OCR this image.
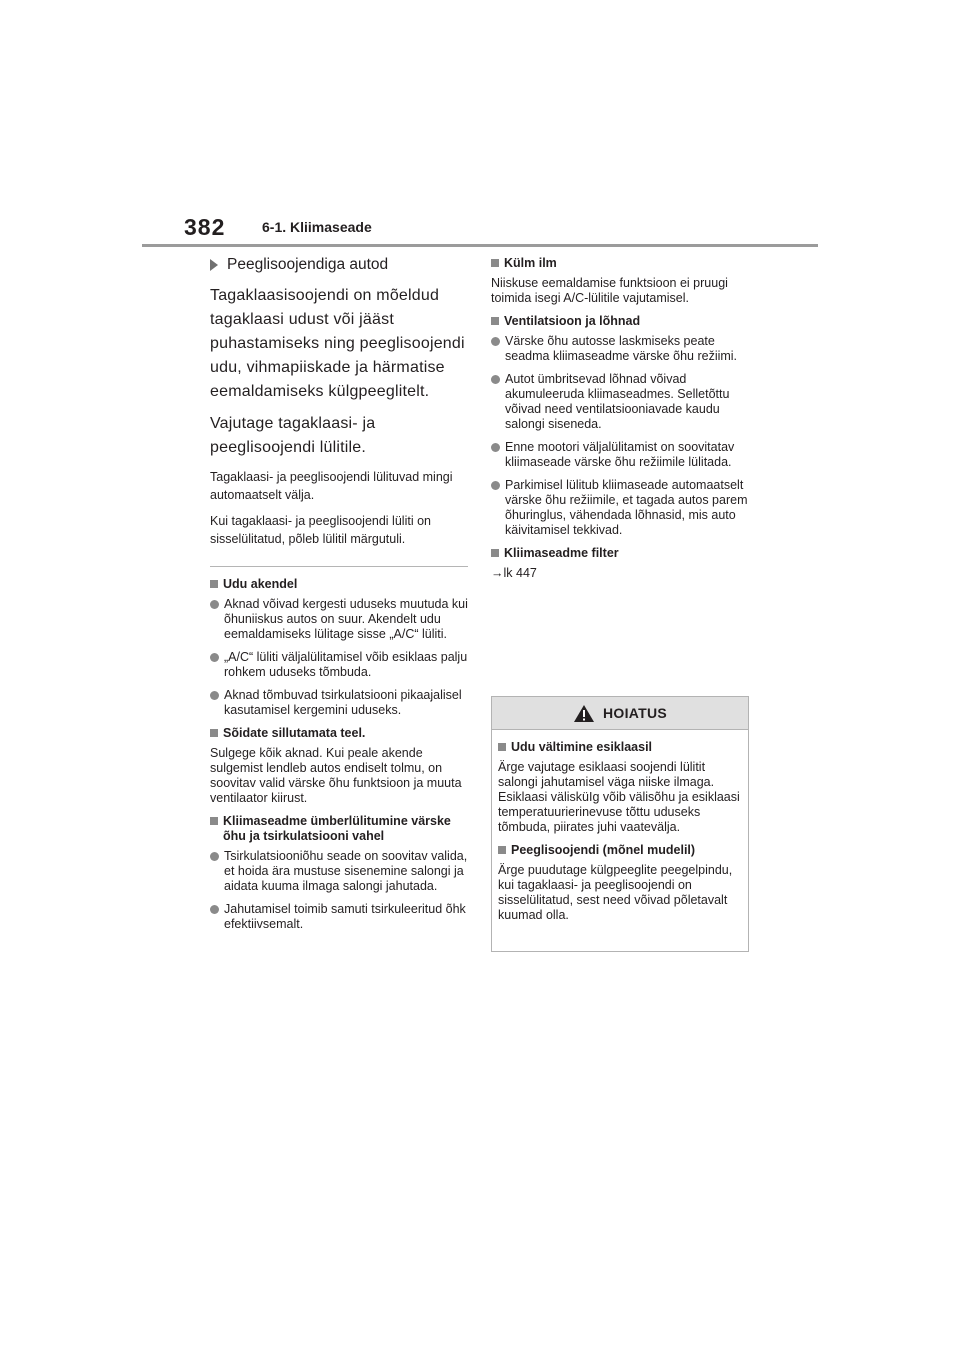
382	6-1. Kliimaseade
Peeglisoojendiga autod

Tagaklaasisoojendi on mõeldud tagaklaasi udust või jääst puhastamiseks ning peeglisoojendi udu, vihmapiiskade ja härmatise eemaldamiseks külgpeeglitelt.

Vajutage tagaklaasi- ja peeglisoojendi lülitile.

Tagaklaasi- ja peeglisoojendi lülituvad mingi automaatselt välja.

Kui tagaklaasi- ja peeglisoojendi lüliti on sisselülitatud, põleb lülitil märgutuli.

Udu akendel
Aknad võivad kergesti uduseks muutuda kui õhuniiskus autos on suur. Akendelt udu eemaldamiseks lülitage sisse „A/C“ lüliti.
„A/C“ lüliti väljalülitamisel võib esiklaas palju rohkem uduseks tõmbuda.
Aknad tõmbuvad tsirkulatsiooni pikaajalisel kasutamisel kergemini uduseks.
Sõidate sillutamata teel.

Sulgege kõik aknad. Kui peale akende sulgemist lendleb autos endiselt tolmu, on soovitav valid värske õhu funktsioon ja muuta ventilaator kiirust.

Kliimaseadme ümberlülitumine värske õhu ja tsirkulatsiooni vahel
Tsirkulatsiooniõhu seade on soovitav valida, et hoida ära mustuse sisenemine salongi ja aidata kuuma ilmaga salongi jahutada.
Jahutamisel toimib samuti tsirkuleeritud õhk efektiivsemalt.
Külm ilm

Niiskuse eemaldamise funktsioon ei pruugi toimida isegi A/C-lülitile vajutamisel.

Ventilatsioon ja lõhnad
Värske õhu autosse laskmiseks peate seadma kliimaseadme värske õhu režiimi.
Autot ümbritsevad lõhnad võivad akumuleeruda kliimaseadmes. Selletõttu võivad need ventilatsiooniavade kaudu salongi siseneda.
Enne mootori väljalülitamist on soovitatav kliimaseade värske õhu režiimile lülitada.
Parkimisel lülitub kliimaseade automaatselt värske õhu režiimile, et tagada autos parem õhuringlus, vähendada lõhnasid, mis auto käivitamisel tekkivad.
Kliimaseadme filter

→lk 447

HOIATUS
Udu vältimine esiklaasil

Ärge vajutage esiklaasi soojendi lülitit salongi jahutamisel väga niiske ilmaga. Esiklaasi välisküIg võib välisõhu ja esiklaasi temperatuurierinevuse tõttu uduseks tõmbuda, piirates juhi vaatevälja.

Peeglisoojendi (mõnel mudelil)

Ärge puudutage külgpeeglite peegelpindu, kui tagaklaasi- ja peeglisoojendi on sisselülitatud, sest need võivad põletavalt kuumad olla.
